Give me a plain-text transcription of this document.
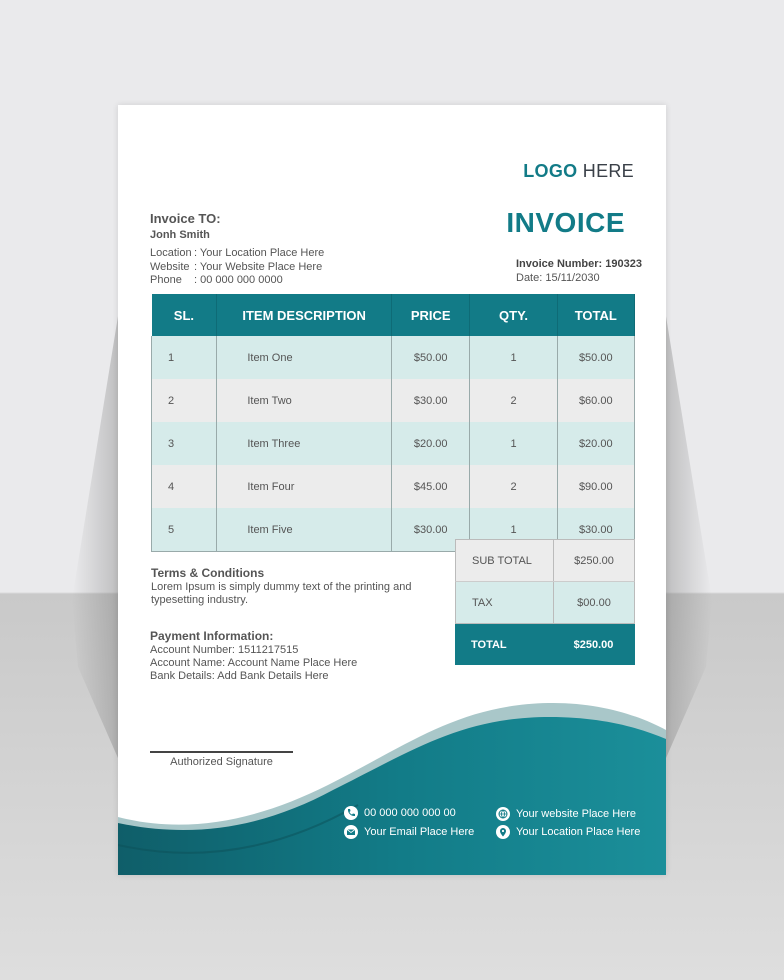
LOGO HERE
INVOICE
Invoice Number: 190323
Date: 15/11/2030
Invoice TO:
Jonh Smith
Location : Your Location Place Here
Website : Your Website Place Here
Phone	: 00 000 000 0000
SL.	ITEM DESCRIPTION	PRICE	QTY.	TOTAL
1	Item One	$50.00	1	$50.00
2	Item Two	$30.00	2	$60.00
3	Item Three	$20.00	1	$20.00
4	Item Four	$45.00	2	$90.00
5	Item Five	$30.00	1	$30.00
SUB TOTAL	$250.00
TAX	$00.00
TOTAL	$250.00
Terms & Conditions
Lorem Ipsum is simply dummy text of the printing and typesetting industry.
Payment Information:
Account Number: 1511217515
Account Name: Account Name Place Here
Bank Details: Add Bank Details Here
Authorized Signature
00 000 000 000 00
Your Email Place Here
Your website Place Here
Your Location Place Here
